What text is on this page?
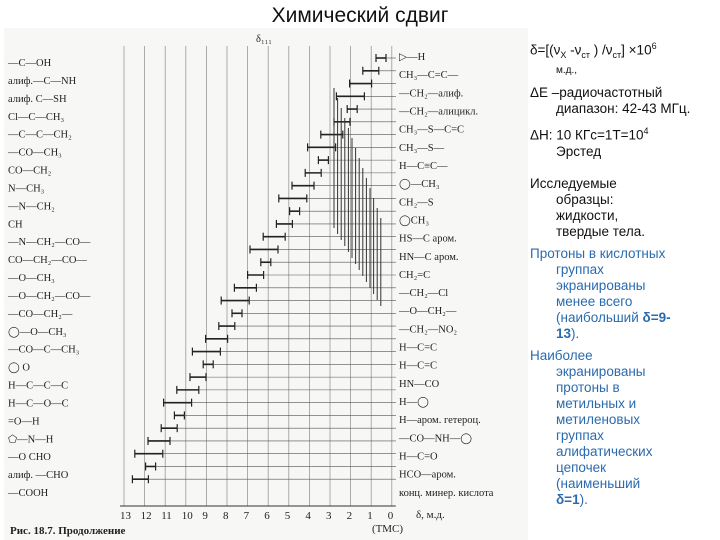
Химический сдвиг
δ₁₁₁
Рис. 18.7. Продолжение
δ, м.д.
(ТМС)
13 12 11 10 9 8 7 6 5 4 3 2 1 0
—C—OH
алиф.—C—NH
алиф. C—SH
Cl—C—CH₃
—C—C—CH₂
—CO—CH₃
CO—CH₂
N—CH₃
—N—CH₂
CH
—N—CH₂—CO—
CO—CH₂—CO—
—O—CH₃
—O—CH₂—CO—
—CO—CH₂—
◯—O—CH₃
—CO—C—CH₃
◯ O
H—C—C—C
H—C—O—C
=O—H
⬠—N—H
—O CHO
алиф. —CHO
—COOH
▷—H
CH₃—C=C—
—CH₂—алиф.
—CH₂—алицикл.
CH₃—S—C=C
CH₃—S—
H—C≡C—
◯—CH₃
CH₂—S
◯CH₃
HS—C аром.
HN—C аром.
CH₂=C
—CH₂—Cl
—O—CH₂—
—CH₂—NO₂
H—C=C
H—C=C
HN—CO
H—◯
H—аром. гетероц.
—CO—NH—◯
H—C=O
HCO—аром.
конц. минер. кислота

$\delta=[(\nu_X$ $-\nu_{ст}$ ) $/\nu_{ст}] \times 10^6$
м.д.,

ΔE –радиочастотный
диапазон: 42-43 МГц.

ΔH: 10 $КГс=1Т=10^4$
Эрстед

Исследуемые
образцы:
жидкости,
твердые тела.

Протоны в кислотных
группах
экранированы
менее всего
(наибольший δ=9-
13).

Наиболее
экранированы
протоны в
метильных и
метиленовых
группах
алифатических
цепочек
(наименьший
δ=1).
